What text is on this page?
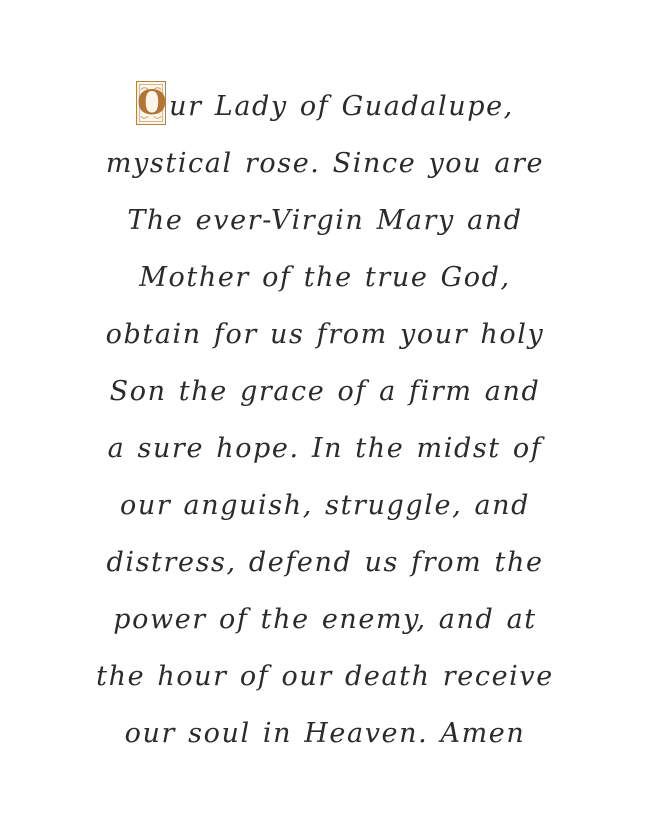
O ur Lady of Guadalupe,
mystical rose. Since you are
The ever-Virgin Mary and
Mother of the true God,
obtain for us from your holy
Son the grace of a firm and
a sure hope. In the midst of
our anguish, struggle, and
distress, defend us from the
power of the enemy, and at
the hour of our death receive
our soul in Heaven. Amen
